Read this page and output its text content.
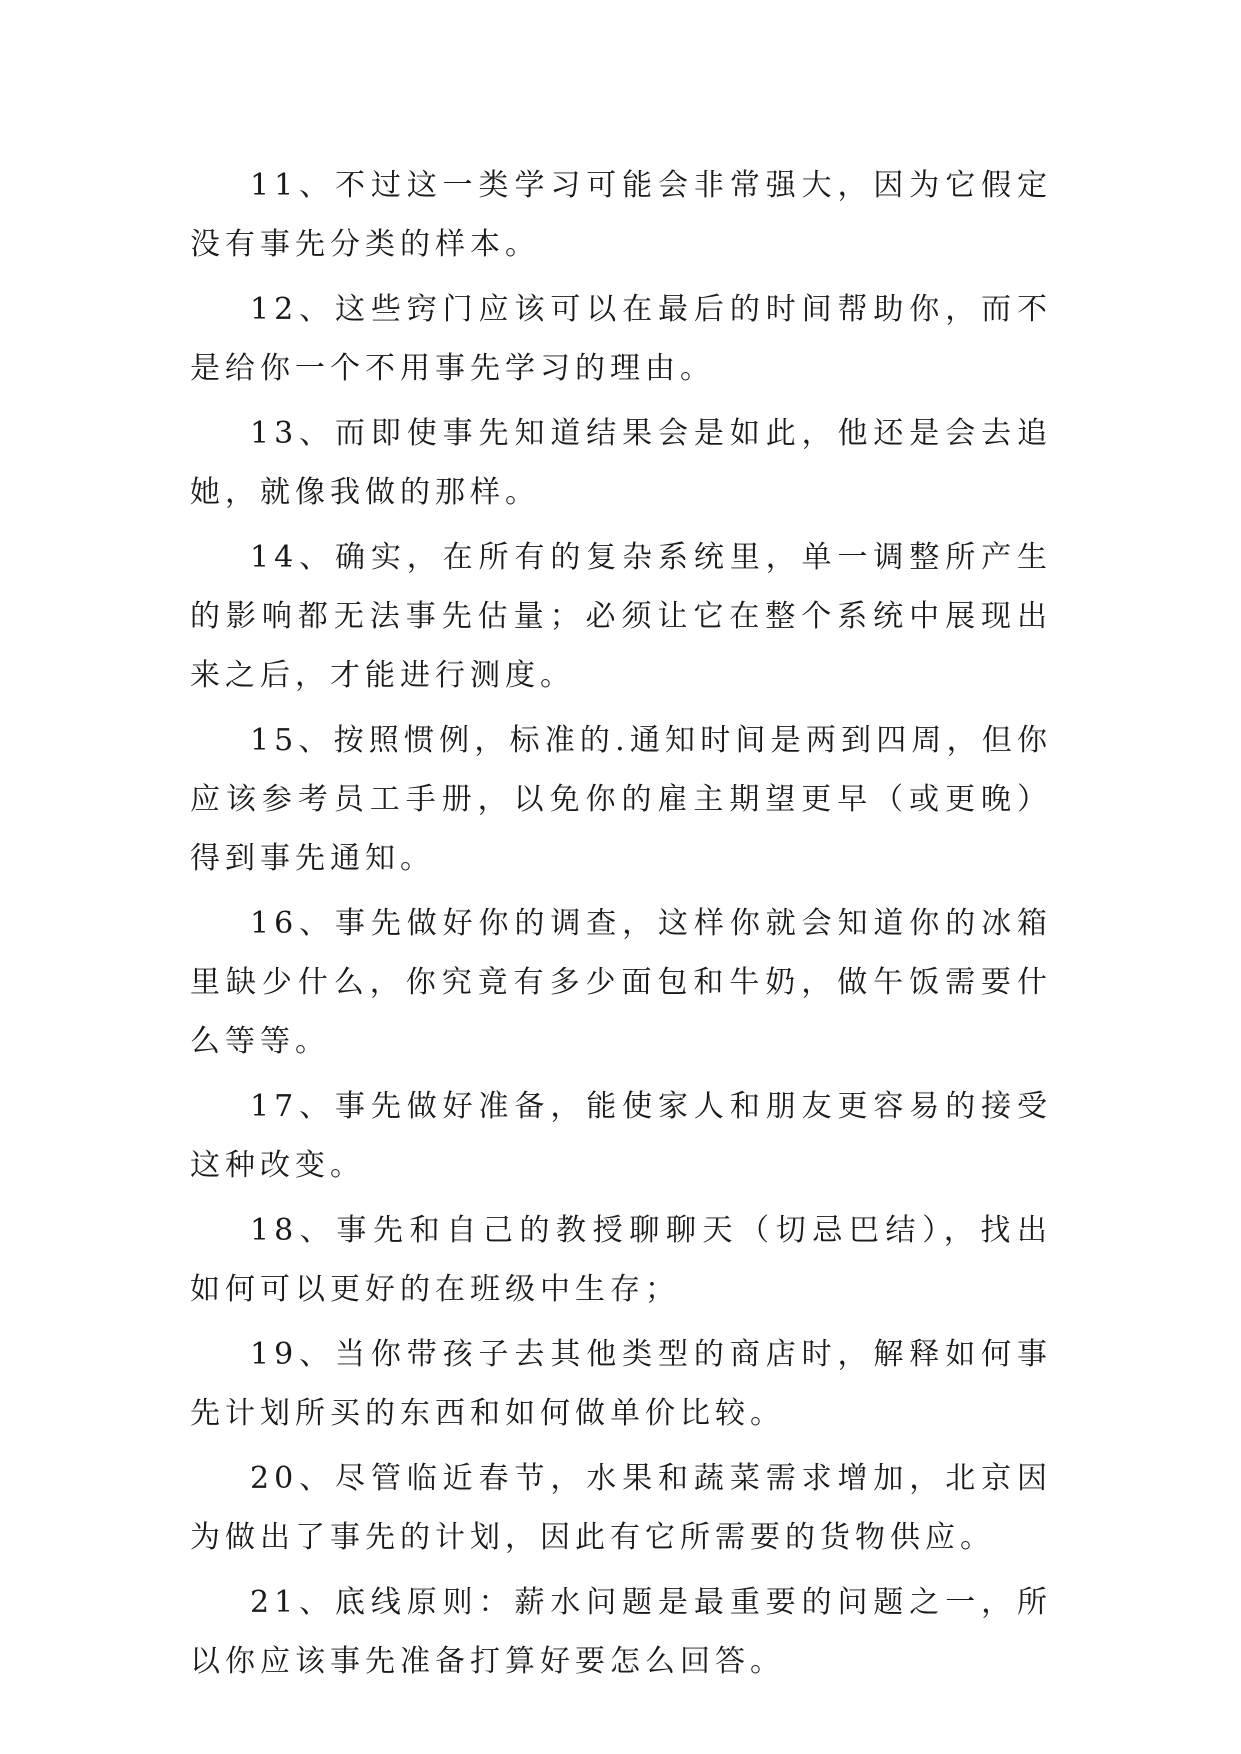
11、不过这一类学习可能会非常强大，因为它假定没有事先分类的样本。

12、这些窍门应该可以在最后的时间帮助你，而不是给你一个不用事先学习的理由。

13、而即使事先知道结果会是如此，他还是会去追她，就像我做的那样。

14、确实，在所有的复杂系统里，单一调整所产生的影响都无法事先估量；必须让它在整个系统中展现出来之后，才能进行测度。

15、按照惯例，标准的.通知时间是两到四周，但你应该参考员工手册，以免你的雇主期望更早（或更晚）得到事先通知。

16、事先做好你的调查，这样你就会知道你的冰箱里缺少什么，你究竟有多少面包和牛奶，做午饭需要什么等等。

17、事先做好准备，能使家人和朋友更容易的接受这种改变。

18、事先和自己的教授聊聊天（切忌巴结），找出如何可以更好的在班级中生存；

19、当你带孩子去其他类型的商店时，解释如何事先计划所买的东西和如何做单价比较。

20、尽管临近春节，水果和蔬菜需求增加，北京因为做出了事先的计划，因此有它所需要的货物供应。

21、底线原则：薪水问题是最重要的问题之一，所以你应该事先准备打算好要怎么回答。
